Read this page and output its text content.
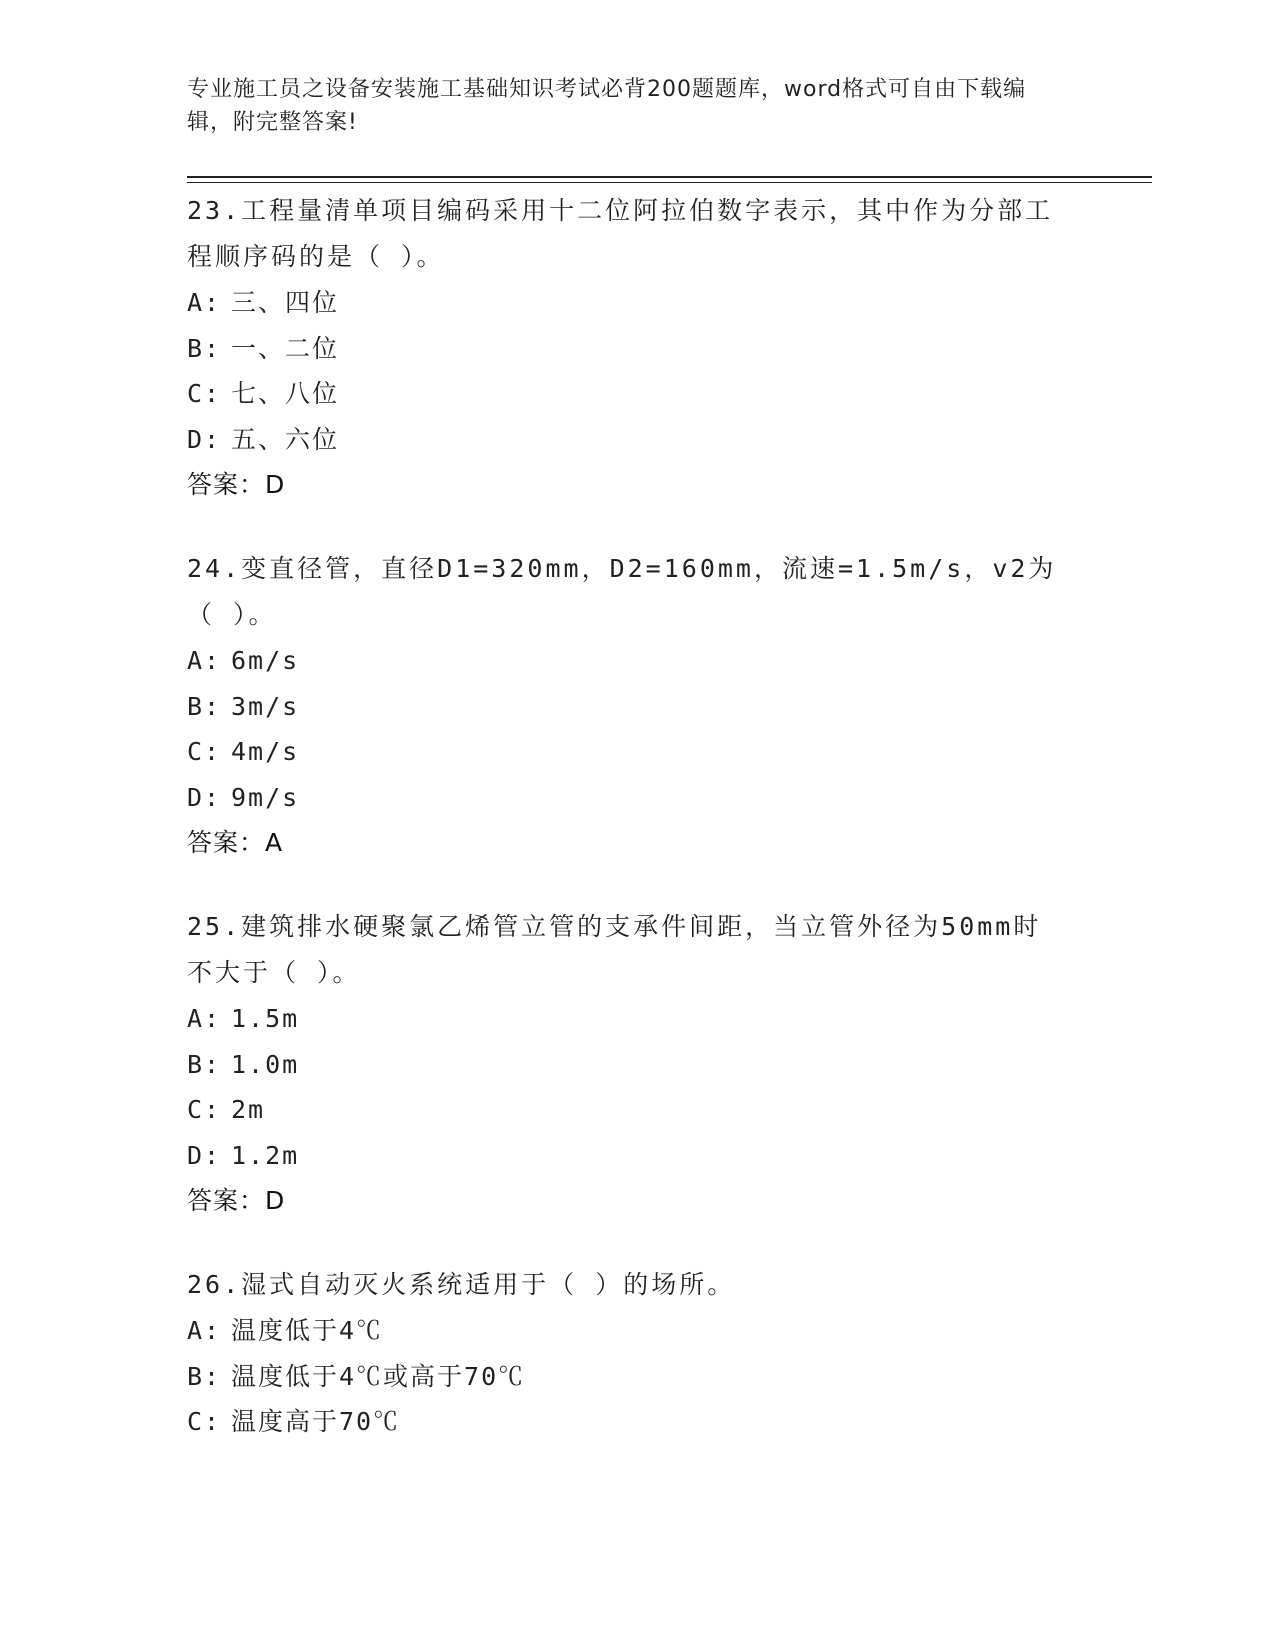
专业施工员之设备安装施工基础知识考试必背200题题库，word格式可自由下载编辑，附完整答案!

23.工程量清单项目编码采用十二位阿拉伯数字表示，其中作为分部工程顺序码的是（ ）。

A: 三、四位

B: 一、二位

C: 七、八位

D: 五、六位

答案：D

24.变直径管，直径D1=320mm，D2=160mm，流速=1.5m/s，v2为（ ）。

A: 6m/s

B: 3m/s

C: 4m/s

D: 9m/s

答案：A

25.建筑排水硬聚氯乙烯管立管的支承件间距，当立管外径为50mm时不大于（ ）。

A: 1.5m

B: 1.0m

C: 2m

D: 1.2m

答案：D

26.湿式自动灭火系统适用于（ ）的场所。

A: 温度低于4℃

B: 温度低于4℃或高于70℃

C: 温度高于70℃
